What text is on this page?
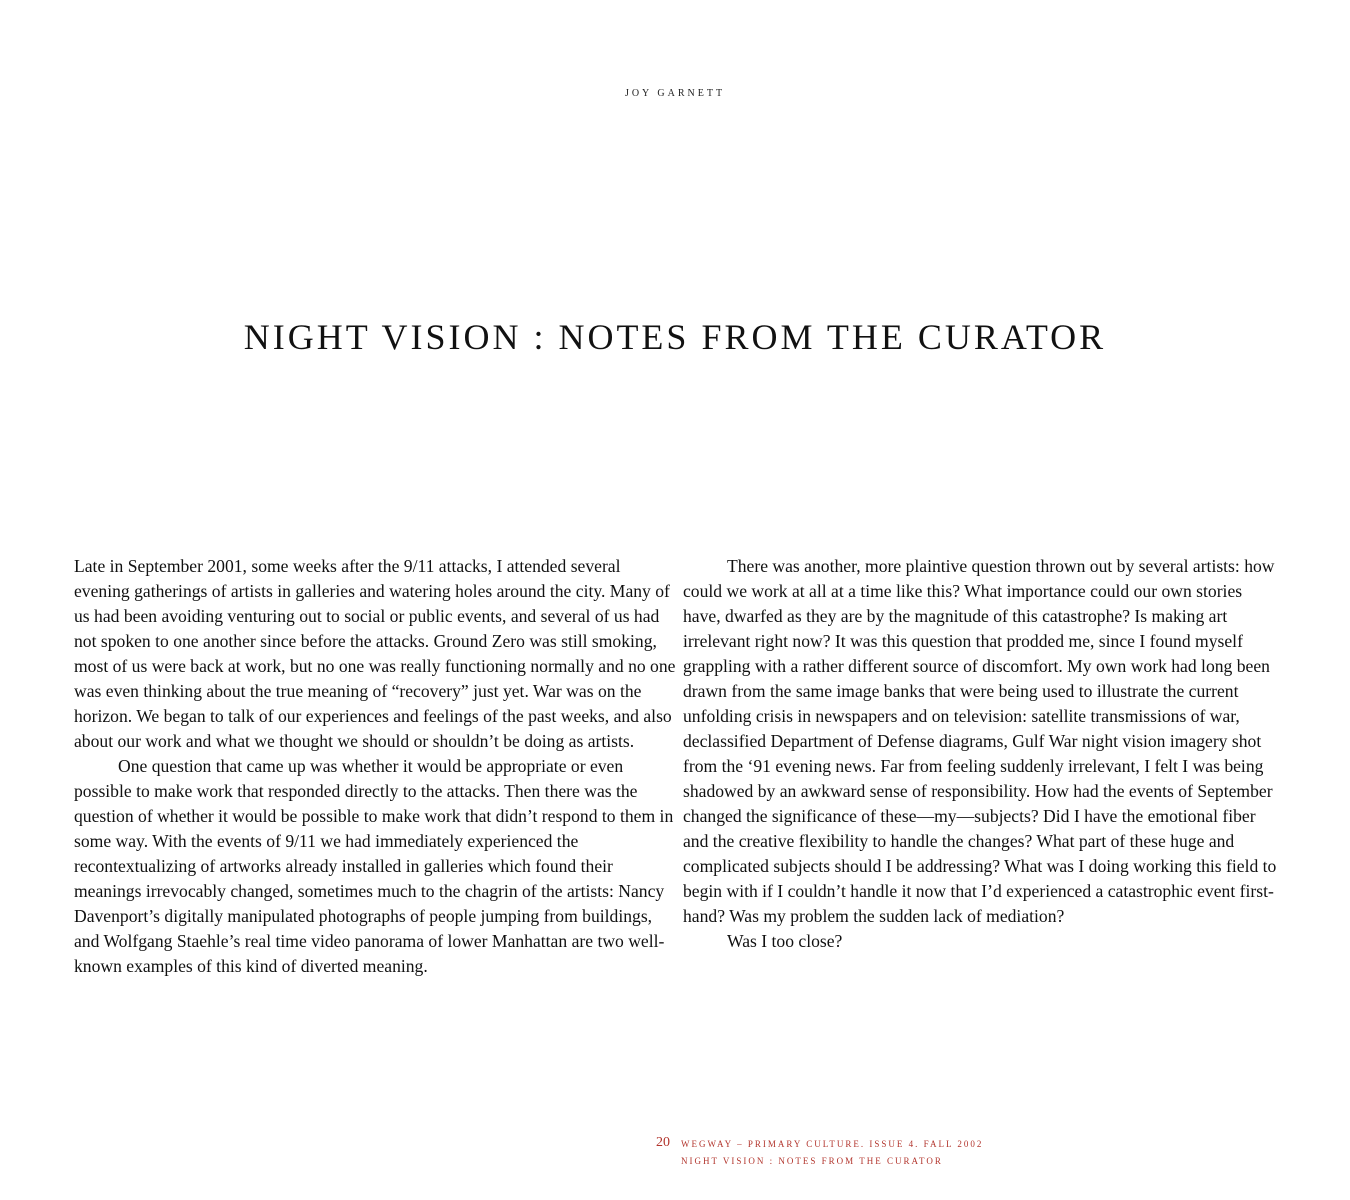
JOY GARNETT
NIGHT VISION : NOTES FROM THE CURATOR

Late in September 2001, some weeks after the 9/11 attacks, I attended several evening gatherings of artists in galleries and watering holes around the city. Many of us had been avoiding venturing out to social or public events, and several of us had not spoken to one another since before the attacks. Ground Zero was still smoking, most of us were back at work, but no one was really functioning normally and no one was even thinking about the true meaning of “recovery” just yet. War was on the horizon. We began to talk of our experiences and feelings of the past weeks, and also about our work and what we thought we should or shouldn’t be doing as artists.

One question that came up was whether it would be appropriate or even possible to make work that responded directly to the attacks. Then there was the question of whether it would be possible to make work that didn’t respond to them in some way. With the events of 9/11 we had immediately experienced the recontextualizing of artworks already installed in galleries which found their meanings irrevocably changed, sometimes much to the chagrin of the artists: Nancy Davenport’s digitally manipulated photographs of people jumping from buildings, and Wolfgang Staehle’s real time video panorama of lower Manhattan are two well-known examples of this kind of diverted meaning.

There was another, more plaintive question thrown out by several artists: how could we work at all at a time like this? What importance could our own stories have, dwarfed as they are by the magnitude of this catastrophe? Is making art irrelevant right now? It was this question that prodded me, since I found myself grappling with a rather different source of discomfort. My own work had long been drawn from the same image banks that were being used to illustrate the current unfolding crisis in newspapers and on television: satellite transmissions of war, declassified Department of Defense diagrams, Gulf War night vision imagery shot from the ‘91 evening news. Far from feeling suddenly irrelevant, I felt I was being shadowed by an awkward sense of responsibility. How had the events of September changed the significance of these—my—subjects? Did I have the emotional fiber and the creative flexibility to handle the changes? What part of these huge and complicated subjects should I be addressing? What was I doing working this field to begin with if I couldn’t handle it now that I’d experienced a catastrophic event first-hand? Was my problem the sudden lack of mediation?

Was I too close?

20 WEGWAY – PRIMARY CULTURE. ISSUE 4. FALL 2002
NIGHT VISION : NOTES FROM THE CURATOR
